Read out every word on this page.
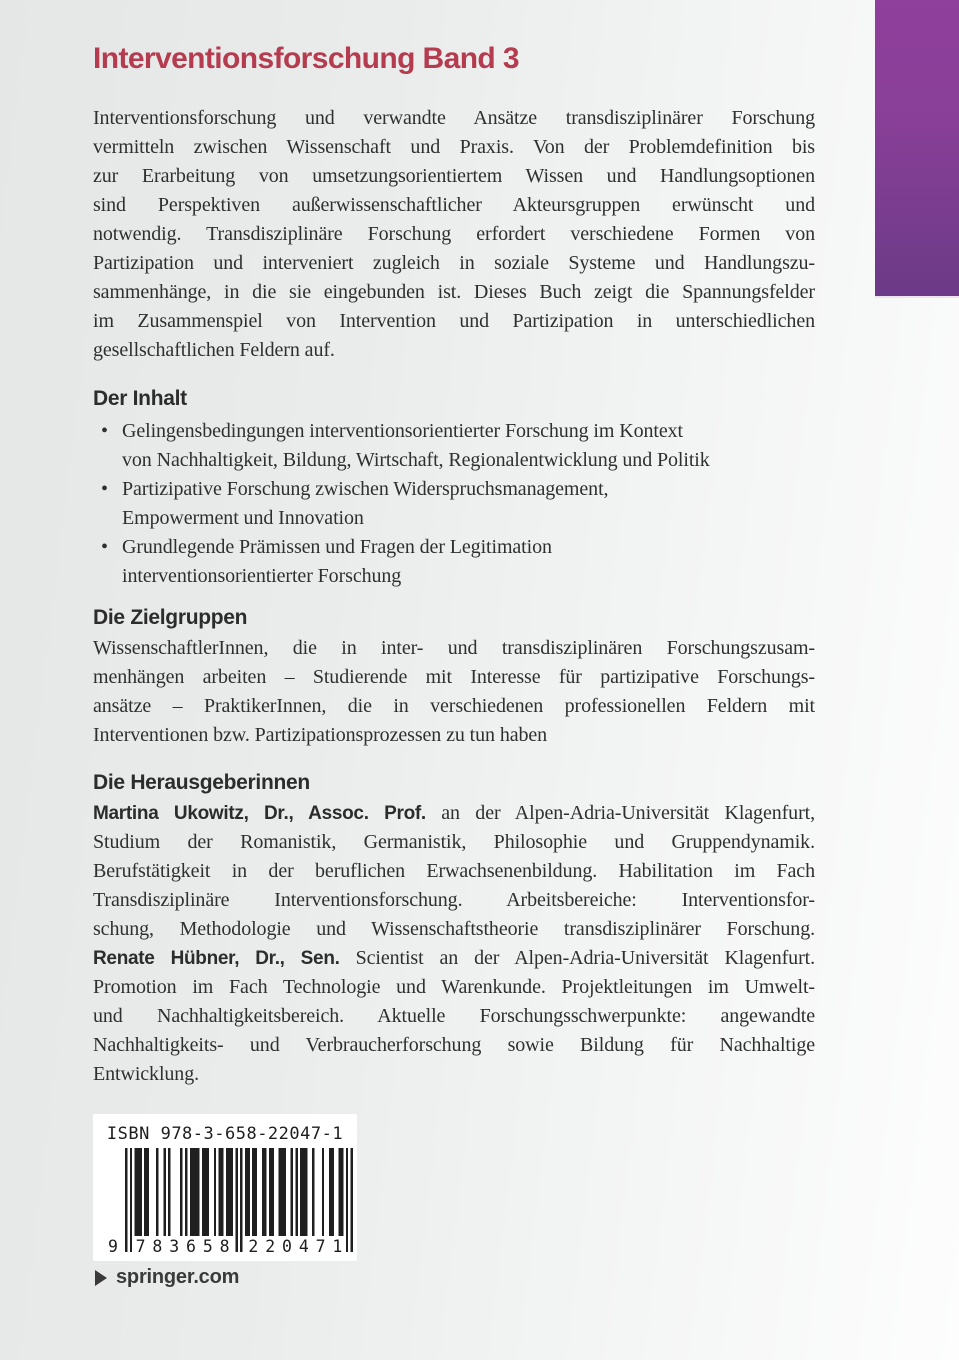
Interventionsforschung Band 3
Interventionsforschung und verwandte Ansätze transdisziplinärer Forschung
vermitteln zwischen Wissenschaft und Praxis. Von der Problemdefinition bis
zur Erarbeitung von umsetzungsorientiertem Wissen und Handlungsoptionen
sind Perspektiven außerwissenschaftlicher Akteursgruppen erwünscht und
notwendig. Transdisziplinäre Forschung erfordert verschiedene Formen von
Partizipation und interveniert zugleich in soziale Systeme und Handlungszu-
sammenhänge, in die sie eingebunden ist. Dieses Buch zeigt die Spannungsfelder
im Zusammenspiel von Intervention und Partizipation in unterschiedlichen
gesellschaftlichen Feldern auf.
Der Inhalt
• Gelingensbedingungen interventionsorientierter Forschung im Kontext
von Nachhaltigkeit, Bildung, Wirtschaft, Regionalentwicklung und Politik
• Partizipative Forschung zwischen Widerspruchsmanagement,
Empowerment und Innovation
• Grundlegende Prämissen und Fragen der Legitimation
interventionsorientierter Forschung
Die Zielgruppen
WissenschaftlerInnen, die in inter- und transdisziplinären Forschungszusam-
menhängen arbeiten – Studierende mit Interesse für partizipative Forschungs-
ansätze – PraktikerInnen, die in verschiedenen professionellen Feldern mit
Interventionen bzw. Partizipationsprozessen zu tun haben
Die Herausgeberinnen
Martina Ukowitz, Dr., Assoc. Prof. an der Alpen-Adria-Universität Klagenfurt,
Studium der Romanistik, Germanistik, Philosophie und Gruppendynamik.
Berufstätigkeit in der beruflichen Erwachsenenbildung. Habilitation im Fach
Transdisziplinäre Interventionsforschung. Arbeitsbereiche: Interventionsfor-
schung, Methodologie und Wissenschaftstheorie transdisziplinärer Forschung.
Renate Hübner, Dr., Sen. Scientist an der Alpen-Adria-Universität Klagenfurt.
Promotion im Fach Technologie und Warenkunde. Projektleitungen im Umwelt-
und Nachhaltigkeitsbereich. Aktuelle Forschungsschwerpunkte: angewandte
Nachhaltigkeits- und Verbraucherforschung sowie Bildung für Nachhaltige
Entwicklung.
ISBN 978-3-658-22047-1
9 7 8 3 6 5 8 2 2 0 4 7 1
springer.com
